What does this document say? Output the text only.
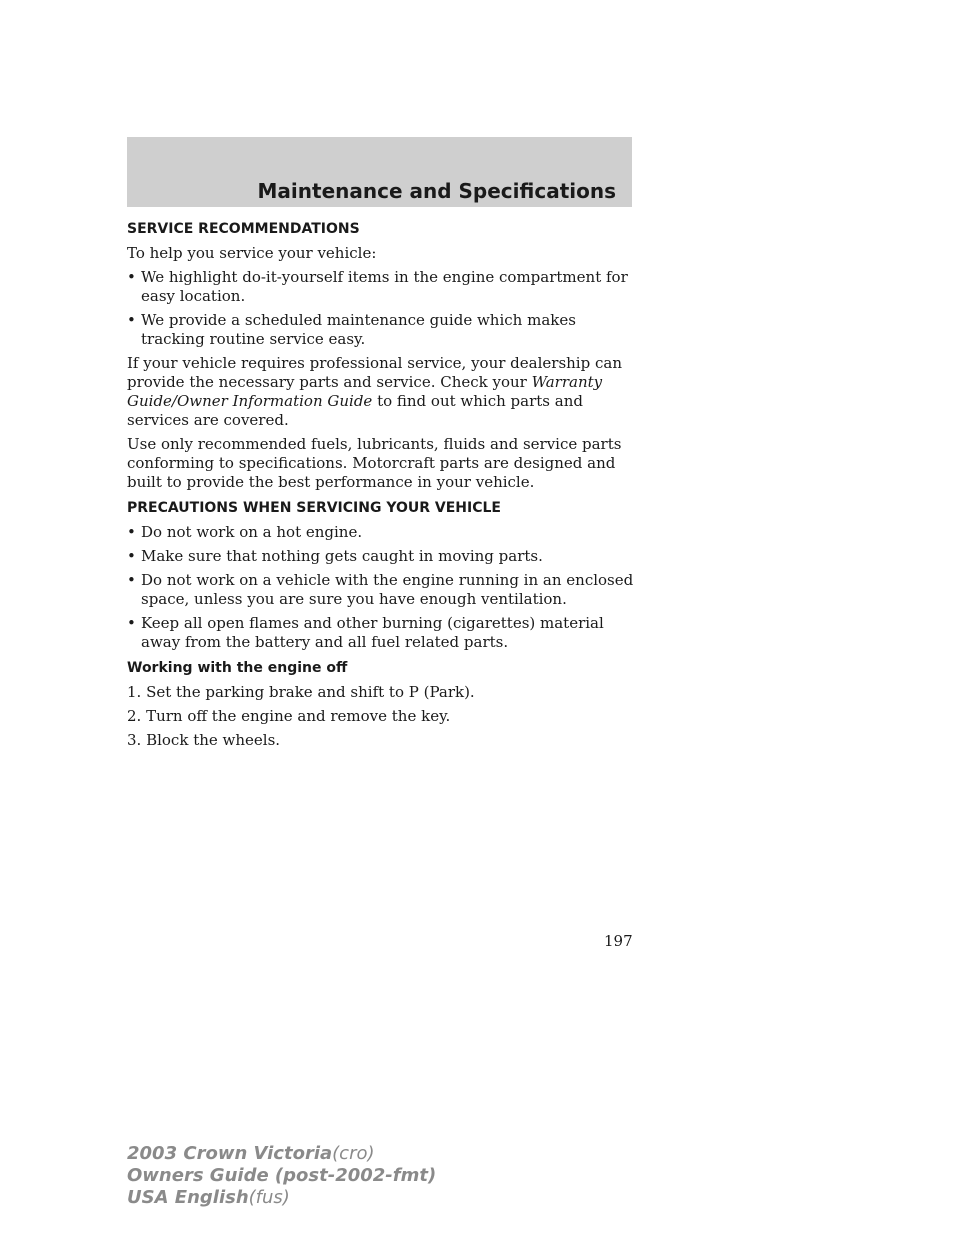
Maintenance and Specifications
SERVICE RECOMMENDATIONS

To help you service your vehicle:

• We highlight do-it-yourself items in the engine compartment for easy location.
• We provide a scheduled maintenance guide which makes tracking routine service easy.

If your vehicle requires professional service, your dealership can provide the necessary parts and service. Check your Warranty Guide/Owner Information Guide to find out which parts and services are covered.

Use only recommended fuels, lubricants, fluids and service parts conforming to specifications. Motorcraft parts are designed and built to provide the best performance in your vehicle.

PRECAUTIONS WHEN SERVICING YOUR VEHICLE
• Do not work on a hot engine.
• Make sure that nothing gets caught in moving parts.
• Do not work on a vehicle with the engine running in an enclosed space, unless you are sure you have enough ventilation.
• Keep all open flames and other burning (cigarettes) material away from the battery and all fuel related parts.
Working with the engine off

1. Set the parking brake and shift to P (Park).

2. Turn off the engine and remove the key.

3. Block the wheels.

197
2003 Crown Victoria(cro)
Owners Guide (post-2002-fmt)
USA English(fus)
